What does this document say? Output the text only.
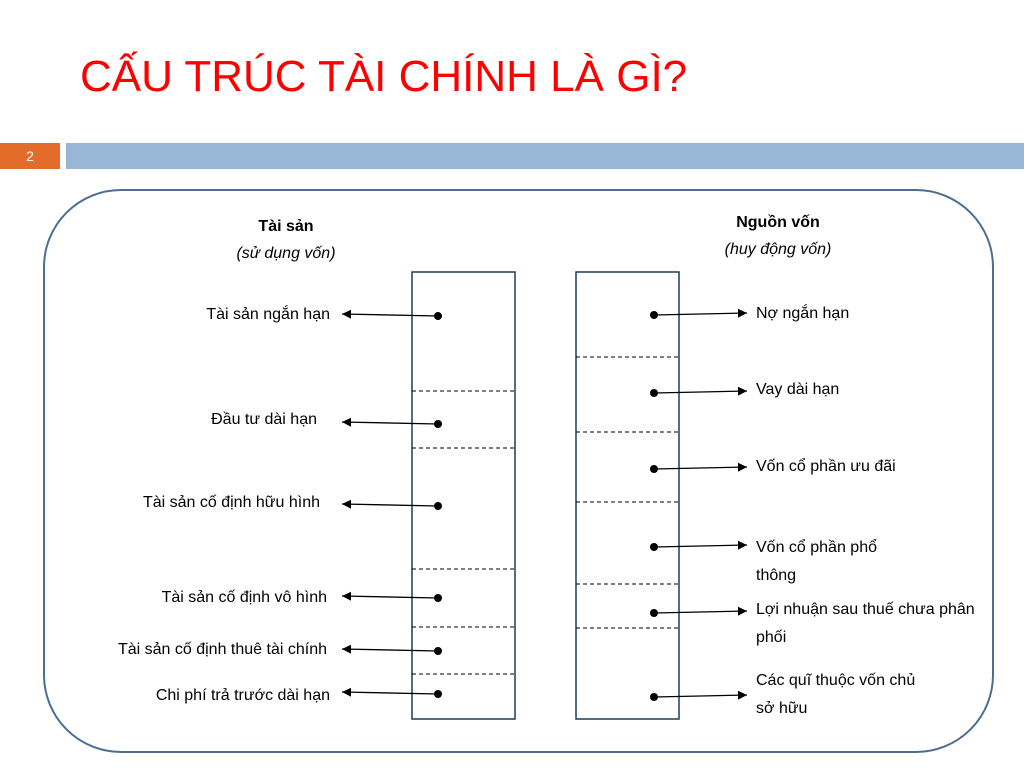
CẤU TRÚC TÀI CHÍNH LÀ GÌ?
2
Tài sản
(sử dụng vốn)
Nguồn vốn
(huy động vốn)
Tài sản ngắn hạn
Đầu tư dài hạn
Tài sản cố định hữu hình
Tài sản cố định vô hình
Tài sản cố định thuê tài chính
Chi phí trả trước dài hạn
Nợ ngắn hạn
Vay dài hạn
Vốn cổ phần ưu đãi
Vốn cổ phần phổ thông
Lợi nhuận sau thuế chưa phân phối
Các quĩ thuộc vốn chủ sở hữu
